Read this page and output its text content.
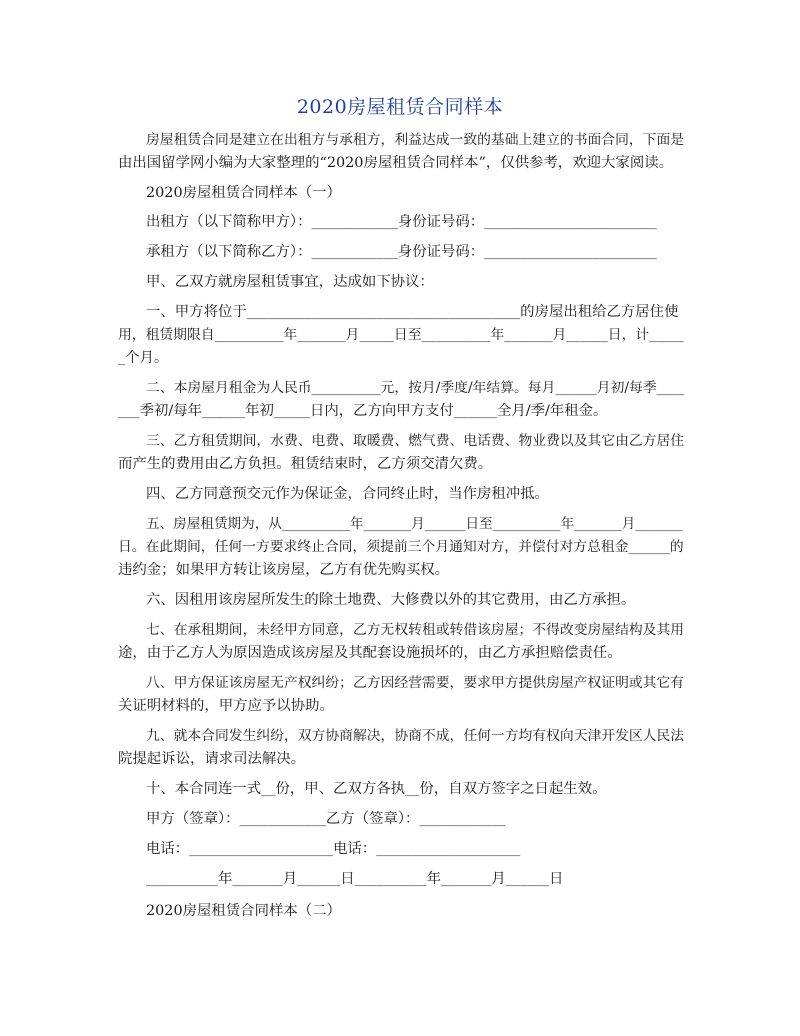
2020房屋租赁合同样本
房屋租赁合同是建立在出租方与承租方，利益达成一致的基础上建立的书面合同，下面是
由出国留学网小编为大家整理的“2020房屋租赁合同样本”，仅供参考，欢迎大家阅读。
2020房屋租赁合同样本（一）
出租方（以下简称甲方）：____________身份证号码：________________________
承租方（以下简称乙方）：____________身份证号码：________________________
甲、乙双方就房屋租赁事宜，达成如下协议：
一、甲方将位于______________________________________的房屋出租给乙方居住使
用，租赁期限自__________年_______月_____日至__________年_______月______日，计_____
_个月。
二、本房屋月租金为人民币__________元，按月/季度/年结算。每月______月初/每季____
___季初/每年______年初_____日内，乙方向甲方支付______全月/季/年租金。
三、乙方租赁期间，水费、电费、取暖费、燃气费、电话费、物业费以及其它由乙方居住
而产生的费用由乙方负担。租赁结束时，乙方须交清欠费。
四、乙方同意预交元作为保证金，合同终止时，当作房租冲抵。
五、房屋租赁期为，从__________年_______月______日至__________年_______月_______
日。在此期间，任何一方要求终止合同，须提前三个月通知对方，并偿付对方总租金______的
违约金；如果甲方转让该房屋，乙方有优先购买权。
六、因租用该房屋所发生的除土地费、大修费以外的其它费用，由乙方承担。
七、在承租期间，未经甲方同意，乙方无权转租或转借该房屋；不得改变房屋结构及其用
途，由于乙方人为原因造成该房屋及其配套设施损坏的，由乙方承担赔偿责任。
八、甲方保证该房屋无产权纠纷；乙方因经营需要，要求甲方提供房屋产权证明或其它有
关证明材料的，甲方应予以协助。
九、就本合同发生纠纷，双方协商解决，协商不成，任何一方均有权向天津开发区人民法
院提起诉讼，请求司法解决。
十、本合同连一式__份，甲、乙双方各执__份，自双方签字之日起生效。
甲方（签章）：____________乙方（签章）：____________
电话：____________________电话：____________________
__________年_______月______日__________年_______月______日
2020房屋租赁合同样本（二）
